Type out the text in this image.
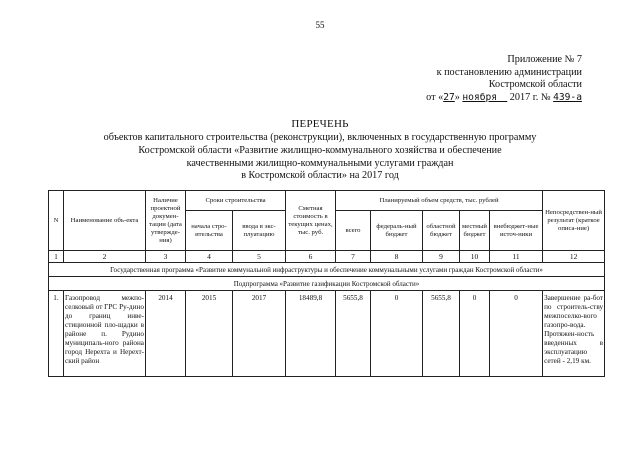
55
Приложение № 7
к постановлению администрации
Костромской области
от «27» ноября 2017 г. № 439-а
ПЕРЕЧЕНЬ
объектов капитального строительства (реконструкции), включенных в государственную программу
Костромской области «Развитие жилищно-коммунального хозяйства и обеспечение
качественными жилищно-коммунальными услугами граждан
в Костромской области» на 2017 год
N	Наименование объ-екта	Наличие проектной докумен-тации (дата утвержде-ния)	Сроки строительства		Сметная стоимость в текущих ценах, тыс. руб.	Планируемый объем средств, тыс. рублей					Непосредствен-ный результат (краткое описа-ние)
			начала стро-ительства	ввода в экс-плуатацию		всего	федераль-ный бюджет	областной бюджет	местный бюджет	внебюджет-ные источ-ники	
1	2	3	4	5	6	7	8	9	10	11	12
Государственная программа «Развитие коммунальной инфраструктуры и обеспечение коммунальными услугами граждан Костромской области»											
Подпрограмма «Развитие газификации Костромской области»											
1.	Газопровод межпо-селковый от ГРС Ру-дино до границ инве-стиционной пло-щадки в районе п. Рудино муниципаль-ного района город Нерехта и Нерехт-ский район	2014	2015	2017	18489,8	5655,8	0	5655,8	0	0	Завершение ра-бот по строитель-ству межпоселко-вого газопро-вода. Протяжен-ность введенных в эксплуатацию сетей - 2,19 км.
